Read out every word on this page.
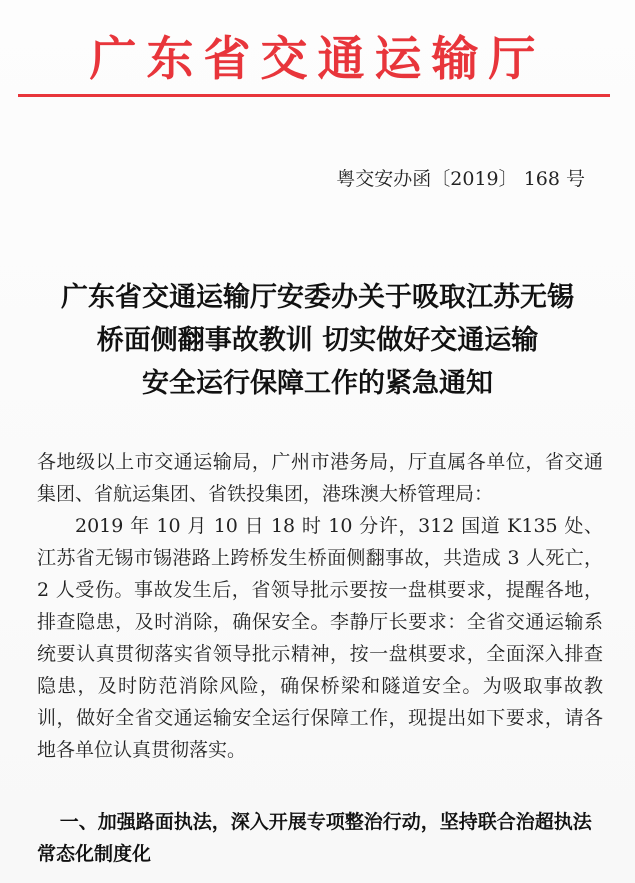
广东省交通运输厅
粤交安办函〔2019〕 168 号
广东省交通运输厅安委办关于吸取江苏无锡
桥面侧翻事故教训 切实做好交通运输
安全运行保障工作的紧急通知

各地级以上市交通运输局，广州市港务局，厅直属各单位，省交通集团、省航运集团、省铁投集团，港珠澳大桥管理局：

2019 年 10 月 10 日 18 时 10 分许，312 国道 K135 处、江苏省无锡市锡港路上跨桥发生桥面侧翻事故，共造成 3 人死亡，2 人受伤。事故发生后，省领导批示要按一盘棋要求，提醒各地，排查隐患，及时消除，确保安全。李静厅长要求：全省交通运输系统要认真贯彻落实省领导批示精神，按一盘棋要求，全面深入排查隐患，及时防范消除风险，确保桥梁和隧道安全。为吸取事故教训，做好全省交通运输安全运行保障工作，现提出如下要求，请各地各单位认真贯彻落实。

一、加强路面执法，深入开展专项整治行动，坚持联合治超执法常态化制度化
